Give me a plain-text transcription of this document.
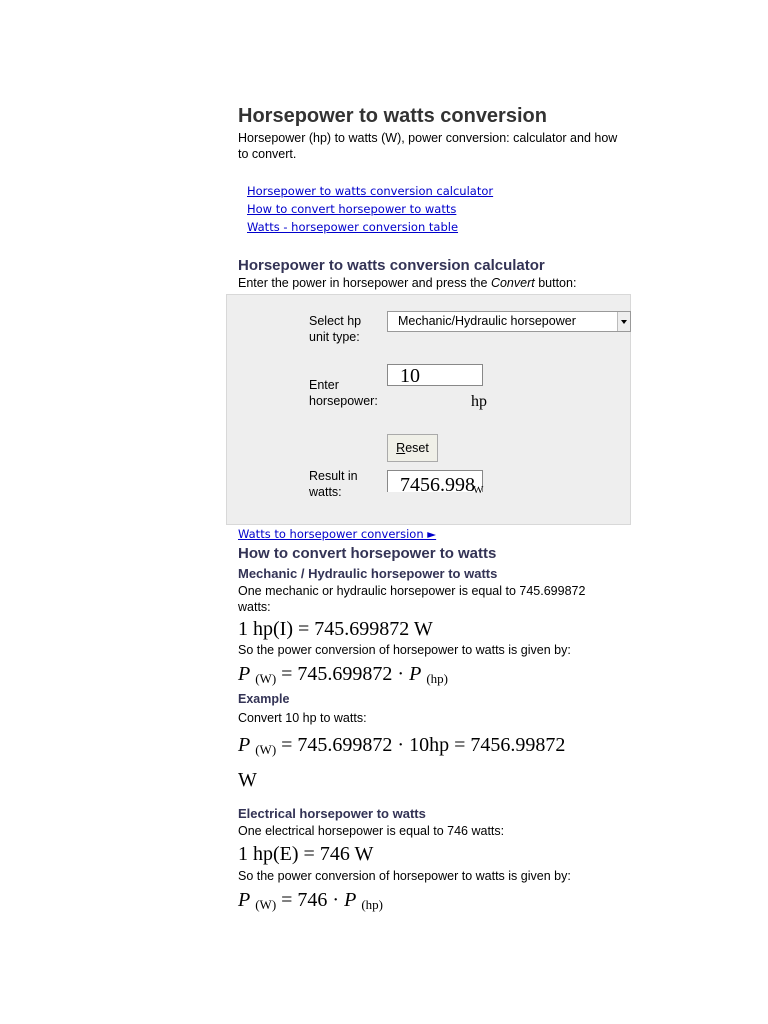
Horsepower to watts conversion

Horsepower (hp) to watts (W), power conversion: calculator and how to convert.

Horsepower to watts conversion calculator
How to convert horsepower to watts
Watts - horsepower conversion table
Horsepower to watts conversion calculator

Enter the power in horsepower and press the Convert button:

Select hp unit type:
Mechanic/Hydraulic horsepower
Enter horsepower:
10
hp
Reset
Result in watts:	7456.998
W
Watts to horsepower conversion ►
How to convert horsepower to watts
Mechanic / Hydraulic horsepower to watts

One mechanic or hydraulic horsepower is equal to 745.699872 watts:

1 hp(I) = 745.699872 W

So the power conversion of horsepower to watts is given by:

P $_{(W)}$ = 745.699872 · P $_{(hp)}$

Example

Convert 10 hp to watts:

P $_{(W)}$ = 745.699872 · 10hp = 7456.99872
W

Electrical horsepower to watts

One electrical horsepower is equal to 746 watts:

1 hp(E) = 746 W

So the power conversion of horsepower to watts is given by:

P $_{(W)}$ = 746 · P $_{(hp)}$
